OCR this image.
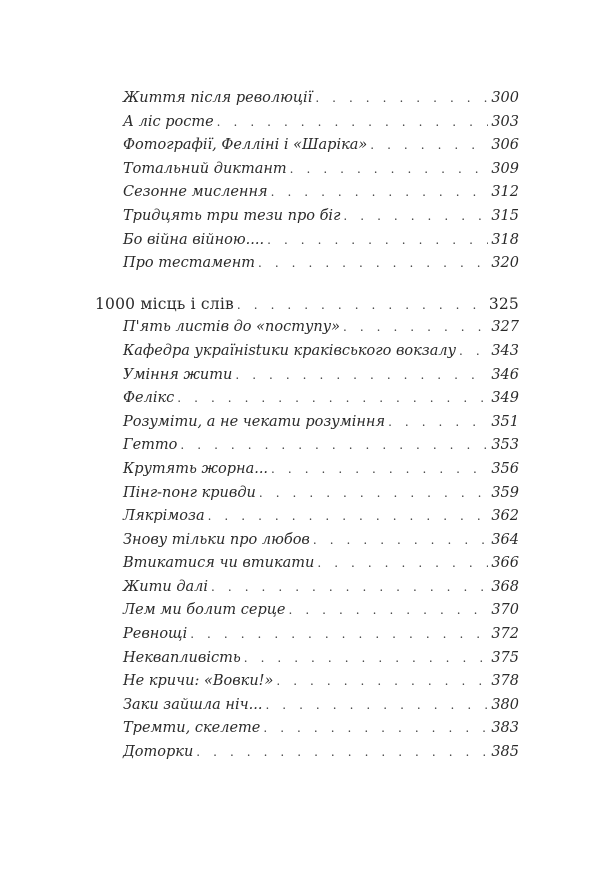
Життя після революції . . .	300
А ліс росте . . .	303
Фотографії, Фелліні і «Шаріка» . . .	306
Тотальний диктант . . .	309
Сезонне мислення . . .	312
Тридцять три тези про біг . . .	315
Бо війна війною.... . . .	318
Про тестамент . . .	320
1000 місць і слів . . .	325
П'ять листів до «поступу» . . .	327
Кафедра українistики краківського вокзалу . . . 343
Уміння жити . . .	346
Фелікс . . .	349
Розуміти, а не чекати розуміння . . .	351
Гетто . . .	353
Крутять жорна... . . .	356
Пінг-понг кривди . . .	359
Лякрімоза . . .	362
Знову тільки про любов . . .	364
Втикатися чи втикати . . .	366
Жити далі . . .	368
Лем ми болит серце . . .	370
Ревнощі . . .	372
Неквапливість . . .	375
Не кричи: «Вовки!» . . .	378
Заки зайшла ніч... . . .	380
Тремти, скелете . . .	383
Доторки . . .	385
